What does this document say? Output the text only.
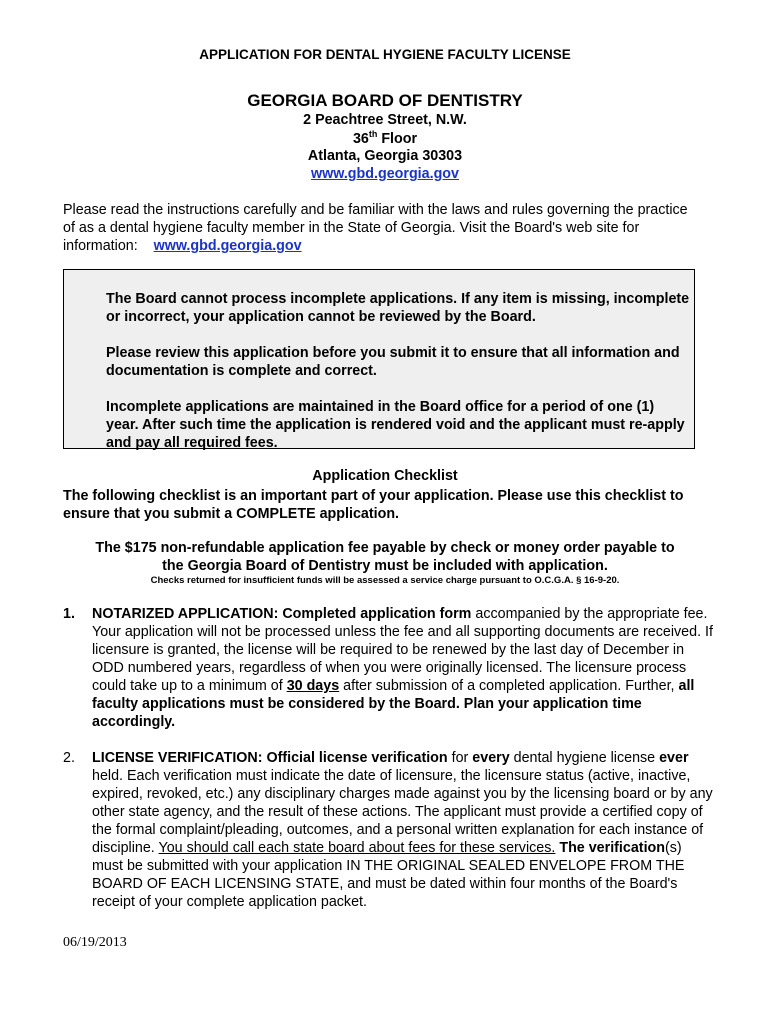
APPLICATION FOR DENTAL HYGIENE FACULTY LICENSE
GEORGIA BOARD OF DENTISTRY
2 Peachtree Street, N.W.
36th Floor
Atlanta, Georgia 30303
www.gbd.georgia.gov
Please read the instructions carefully and be familiar with the laws and rules governing the practice of as a dental hygiene faculty member in the State of Georgia. Visit the Board's web site for information: www.gbd.georgia.gov
The Board cannot process incomplete applications. If any item is missing, incomplete or incorrect, your application cannot be reviewed by the Board.
Please review this application before you submit it to ensure that all information and documentation is complete and correct.
Incomplete applications are maintained in the Board office for a period of one (1) year. After such time the application is rendered void and the applicant must re-apply and pay all required fees.
Application Checklist
The following checklist is an important part of your application. Please use this checklist to ensure that you submit a COMPLETE application.
The $175 non-refundable application fee payable by check or money order payable to
the Georgia Board of Dentistry must be included with application.
Checks returned for insufficient funds will be assessed a service charge pursuant to O.C.G.A. § 16-9-20.
1. NOTARIZED APPLICATION: Completed application form accompanied by the appropriate fee. Your application will not be processed unless the fee and all supporting documents are received. If licensure is granted, the license will be required to be renewed by the last day of December in ODD numbered years, regardless of when you were originally licensed. The licensure process could take up to a minimum of 30 days after submission of a completed application. Further, all faculty applications must be considered by the Board. Plan your application time accordingly.
2. LICENSE VERIFICATION: Official license verification for every dental hygiene license ever held. Each verification must indicate the date of licensure, the licensure status (active, inactive, expired, revoked, etc.) any disciplinary charges made against you by the licensing board or by any other state agency, and the result of these actions. The applicant must provide a certified copy of the formal complaint/pleading, outcomes, and a personal written explanation for each instance of discipline. You should call each state board about fees for these services. The verification(s) must be submitted with your application IN THE ORIGINAL SEALED ENVELOPE FROM THE BOARD OF EACH LICENSING STATE, and must be dated within four months of the Board's receipt of your complete application packet.
06/19/2013
